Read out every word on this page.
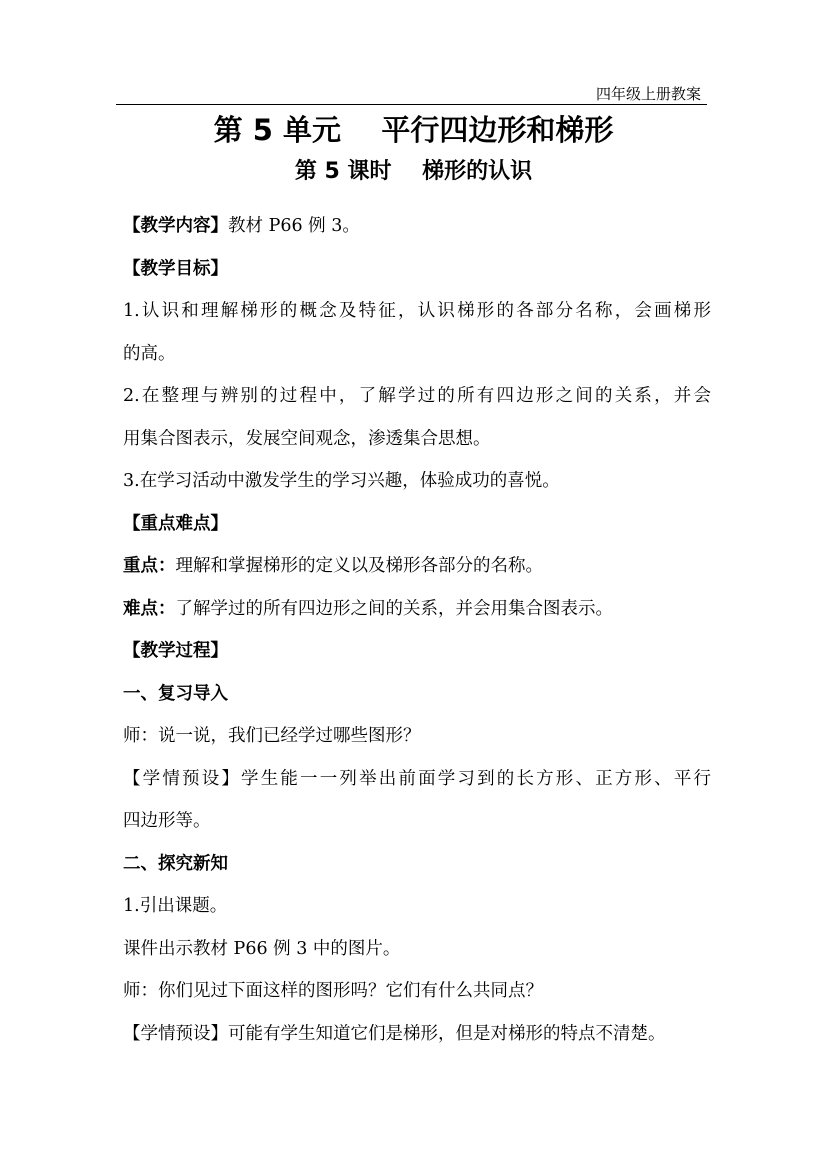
四年级上册教案
第 5 单元    平行四边形和梯形
第 5 课时    梯形的认识
【教学内容】教材 P66 例 3。
【教学目标】
1.认识和理解梯形的概念及特征，认识梯形的各部分名称，会画梯形
的高。
2.在整理与辨别的过程中，了解学过的所有四边形之间的关系，并会
用集合图表示，发展空间观念，渗透集合思想。
3.在学习活动中激发学生的学习兴趣，体验成功的喜悦。
【重点难点】
重点：理解和掌握梯形的定义以及梯形各部分的名称。
难点：了解学过的所有四边形之间的关系，并会用集合图表示。
【教学过程】
一、复习导入
师：说一说，我们已经学过哪些图形？
【学情预设】学生能一一列举出前面学习到的长方形、正方形、平行
四边形等。
二、探究新知
1.引出课题。
课件出示教材 P66 例 3 中的图片。
师：你们见过下面这样的图形吗？它们有什么共同点？
【学情预设】可能有学生知道它们是梯形，但是对梯形的特点不清楚。
